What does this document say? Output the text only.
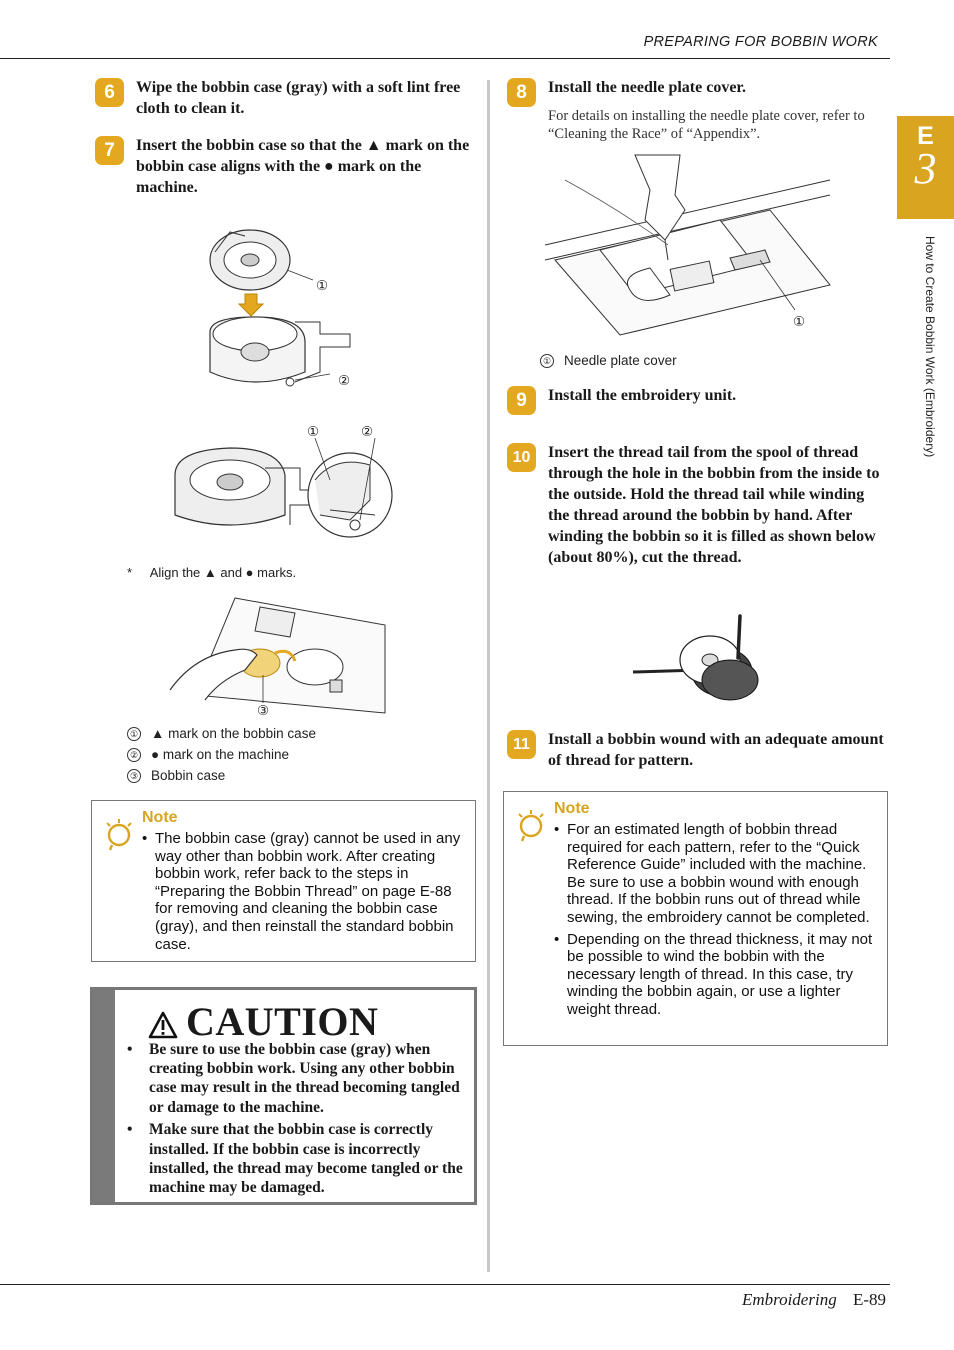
PREPARING FOR BOBBIN WORK
Embroidering E-89
E
3
How to Create Bobbin Work (Embroidery)
6	Wipe the bobbin case (gray) with a soft lint free cloth to clean it.
7	Insert the bobbin case so that the ▲ mark on the bobbin case aligns with the ● mark on the machine.
①
②
①	②
* Align the ▲ and ● marks.
③
① ▲ mark on the bobbin case
② ● mark on the machine
③ Bobbin case
Note
• The bobbin case (gray) cannot be used in any way other than bobbin work. After creating bobbin work, refer back to the steps in “Preparing the Bobbin Thread” on page E-88 for removing and cleaning the bobbin case (gray), and then reinstall the standard bobbin case.
CAUTION
• Be sure to use the bobbin case (gray) when creating bobbin work. Using any other bobbin case may result in the thread becoming tangled or damage to the machine.
• Make sure that the bobbin case is correctly installed. If the bobbin case is incorrectly installed, the thread may become tangled or the machine may be damaged.
8	Install the needle plate cover.
For details on installing the needle plate cover, refer to “Cleaning the Race” of “Appendix”.
①
① Needle plate cover
9	Install the embroidery unit.
10	Insert the thread tail from the spool of thread through the hole in the bobbin from the inside to the outside. Hold the thread tail while winding the thread around the bobbin by hand. After winding the bobbin so it is filled as shown below (about 80%), cut the thread.
11	Install a bobbin wound with an adequate amount of thread for pattern.
Note
• For an estimated length of bobbin thread required for each pattern, refer to the “Quick Reference Guide” included with the machine. Be sure to use a bobbin wound with enough thread. If the bobbin runs out of thread while sewing, the embroidery cannot be completed.
• Depending on the thread thickness, it may not be possible to wind the bobbin with the necessary length of thread. In this case, try winding the bobbin again, or use a lighter weight thread.
